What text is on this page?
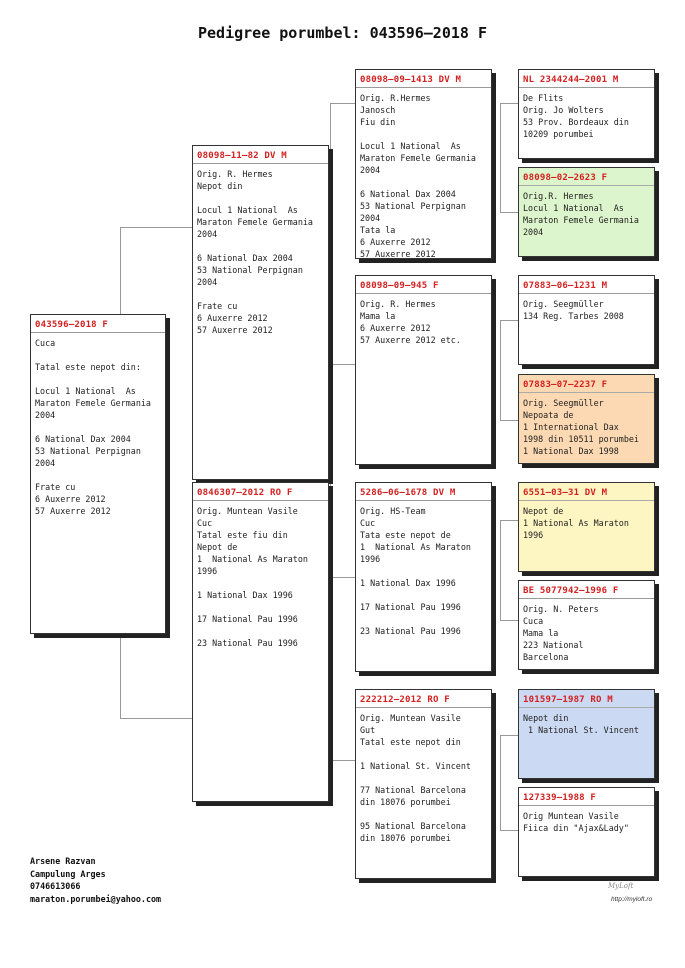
Pedigree porumbel: 043596–2018 F
043596–2018 F
Cuca

Tatal este nepot din:

Locul 1 National  As
Maraton Femele Germania
2004

6 National Dax 2004
53 National Perpignan
2004

Frate cu
6 Auxerre 2012
57 Auxerre 2012
08098–11–82 DV M
Orig. R. Hermes
Nepot din

Locul 1 National  As
Maraton Femele Germania
2004

6 National Dax 2004
53 National Perpignan
2004

Frate cu
6 Auxerre 2012
57 Auxerre 2012
0846307–2012 RO F
Orig. Muntean Vasile
Cuc
Tatal este fiu din
Nepot de
1  National As Maraton
1996

1 National Dax 1996

17 National Pau 1996

23 National Pau 1996
08098–09–1413 DV M
Orig. R.Hermes
Janosch
Fiu din

Locul 1 National  As
Maraton Femele Germania
2004

6 National Dax 2004
53 National Perpignan
2004
Tata la
6 Auxerre 2012
57 Auxerre 2012
08098–09–945 F
Orig. R. Hermes
Mama la
6 Auxerre 2012
57 Auxerre 2012 etc.
5286–06–1678 DV M
Orig. HS-Team
Cuc
Tata este nepot de
1  National As Maraton
1996

1 National Dax 1996

17 National Pau 1996

23 National Pau 1996
222212–2012 RO F
Orig. Muntean Vasile
Gut
Tatal este nepot din

1 National St. Vincent

77 National Barcelona
din 18076 porumbei

95 National Barcelona
din 18076 porumbei
NL 2344244–2001 M
De Flits
Orig. Jo Wolters
53 Prov. Bordeaux din
10209 porumbei
08098–02–2623 F
Orig.R. Hermes
Locul 1 National  As
Maraton Femele Germania
2004
07883–06–1231 M
Orig. Seegmüller
134 Reg. Tarbes 2008
07883–07–2237 F
Orig. Seegmüller
Nepoata de
1 International Dax
1998 din 10511 porumbei
1 National Dax 1998
6551–03–31 DV M
Nepot de
1 National As Maraton
1996
BE 5077942–1996 F
Orig. N. Peters
Cuca
Mama la
223 National
Barcelona
101597–1987 RO M
Nepot din
1 National St. Vincent
127339–1988 F
Orig Muntean Vasile
Fiica din "Ajax&Lady"
Arsene Razvan
Campulung Arges
0746613066
maraton.porumbei@yahoo.com
MyLoft
http://myloft.ro
